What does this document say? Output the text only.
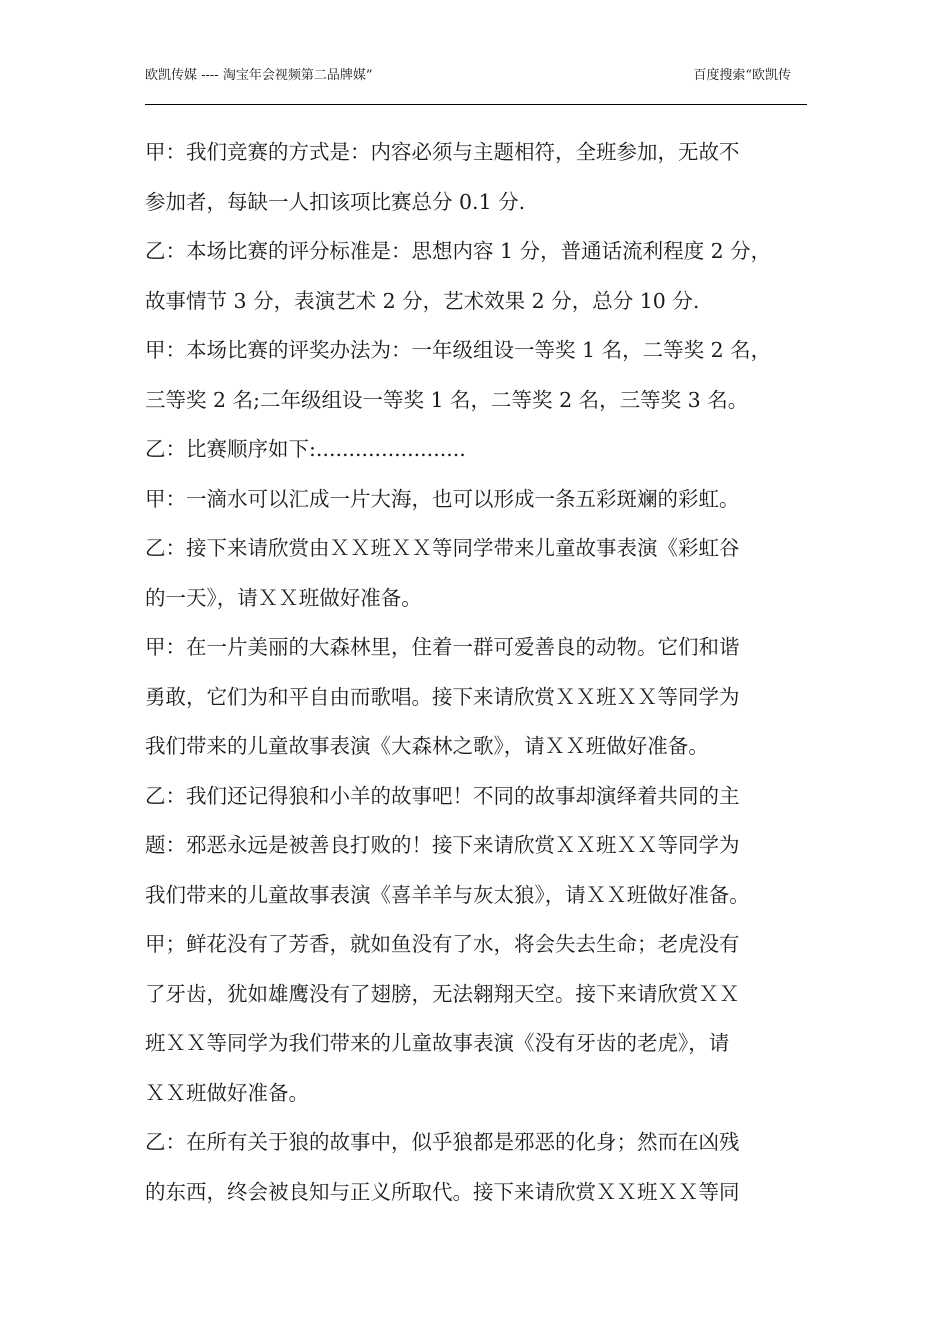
欧凯传媒 ---- 淘宝年会视频第二品牌媒”	百度搜索“欧凯传
甲：我们竞赛的方式是：内容必须与主题相符，全班参加，无故不
参加者，每缺一人扣该项比赛总分 0.1 分.
乙：本场比赛的评分标准是：思想内容 1 分，普通话流利程度 2 分，
故事情节 3 分，表演艺术 2 分，艺术效果 2 分，总分 10 分.
甲：本场比赛的评奖办法为：一年级组设一等奖 1 名，二等奖 2 名，
三等奖 2 名;二年级组设一等奖 1 名，二等奖 2 名，三等奖 3 名。
乙：比赛顺序如下:.......................
甲：一滴水可以汇成一片大海，也可以形成一条五彩斑斓的彩虹。
乙：接下来请欣赏由ＸＸ班ＸＸ等同学带来儿童故事表演《彩虹谷
的一天》，请ＸＸ班做好准备。
甲：在一片美丽的大森林里，住着一群可爱善良的动物。它们和谐
勇敢，它们为和平自由而歌唱。接下来请欣赏ＸＸ班ＸＸ等同学为
我们带来的儿童故事表演《大森林之歌》，请ＸＸ班做好准备。
乙：我们还记得狼和小羊的故事吧！不同的故事却演绎着共同的主
题：邪恶永远是被善良打败的！接下来请欣赏ＸＸ班ＸＸ等同学为
我们带来的儿童故事表演《喜羊羊与灰太狼》，请ＸＸ班做好准备。
甲；鲜花没有了芳香，就如鱼没有了水，将会失去生命；老虎没有
了牙齿，犹如雄鹰没有了翅膀，无法翱翔天空。接下来请欣赏ＸＸ
班ＸＸ等同学为我们带来的儿童故事表演《没有牙齿的老虎》，请
ＸＸ班做好准备。
乙：在所有关于狼的故事中，似乎狼都是邪恶的化身；然而在凶残
的东西，终会被良知与正义所取代。接下来请欣赏ＸＸ班ＸＸ等同
